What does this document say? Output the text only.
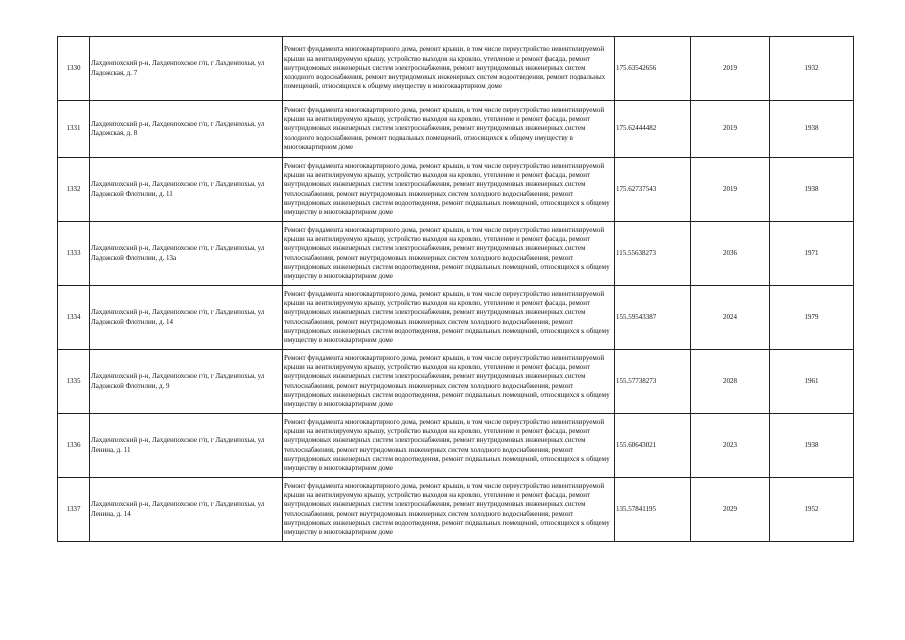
1330	Лахденпохский р-н, Лахденпохское г/п, г Лахденпохья, ул Ладожская, д. 7	Ремонт фундамента многоквартирного дома, ремонт крыши, в том числе переустройство невентилируемой крыши на вентилируемую крышу, устройство выходов на кровлю, утепление и ремонт фасада, ремонт внутридомовых инженерных систем электроснабжения, ремонт внутридомовых инженерных систем холодного водоснабжения, ремонт внутридомовых инженерных систем водоотведения, ремонт подвальных помещений, относящихся к общему имуществу в многоквартирном доме	175.63542656	2019	1932
1331	Лахденпохский р-н, Лахденпохское г/п, г Лахденпохья, ул Ладожская, д. 8	Ремонт фундамента многоквартирного дома, ремонт крыши, в том числе переустройство невентилируемой крыши на вентилируемую крышу, устройство выходов на кровлю, утепление и ремонт фасада, ремонт внутридомовых инженерных систем электроснабжения, ремонт внутридомовых инженерных систем холодного водоснабжения, ремонт подвальных помещений, относящихся к общему имуществу в многоквартирном доме	175.62444482	2019	1938
1332	Лахденпохский р-н, Лахденпохское г/п, г Лахденпохья, ул Ладожской Флотилии, д. 11	Ремонт фундамента многоквартирного дома, ремонт крыши, в том числе переустройство невентилируемой крыши на вентилируемую крышу, устройство выходов на кровлю, утепление и ремонт фасада, ремонт внутридомовых инженерных систем электроснабжения, ремонт внутридомовых инженерных систем теплоснабжения, ремонт внутридомовых инженерных систем холодного водоснабжения, ремонт внутридомовых инженерных систем водоотведения, ремонт подвальных помещений, относящихся к общему имуществу в многоквартирном доме	175.62737543	2019	1938
1333	Лахденпохский р-н, Лахденпохское г/п, г Лахденпохья, ул Ладожской Флотилии, д. 13а	Ремонт фундамента многоквартирного дома, ремонт крыши, в том числе переустройство невентилируемой крыши на вентилируемую крышу, устройство выходов на кровлю, утепление и ремонт фасада, ремонт внутридомовых инженерных систем электроснабжения, ремонт внутридомовых инженерных систем теплоснабжения, ремонт внутридомовых инженерных систем холодного водоснабжения, ремонт внутридомовых инженерных систем водоотведения, ремонт подвальных помещений, относящихся к общему имуществу в многоквартирном доме	115.55638273	2036	1971
1334	Лахденпохский р-н, Лахденпохское г/п, г Лахденпохья, ул Ладожской Флотилии, д. 14	Ремонт фундамента многоквартирного дома, ремонт крыши, в том числе переустройство невентилируемой крыши на вентилируемую крышу, устройство выходов на кровлю, утепление и ремонт фасада, ремонт внутридомовых инженерных систем электроснабжения, ремонт внутридомовых инженерных систем теплоснабжения, ремонт внутридомовых инженерных систем холодного водоснабжения, ремонт внутридомовых инженерных систем водоотведения, ремонт подвальных помещений, относящихся к общему имуществу в многоквартирном доме	155.59543387	2024	1979
1335	Лахденпохский р-н, Лахденпохское г/п, г Лахденпохья, ул Ладожской Флотилии, д. 9	Ремонт фундамента многоквартирного дома, ремонт крыши, в том числе переустройство невентилируемой крыши на вентилируемую крышу, устройство выходов на кровлю, утепление и ремонт фасада, ремонт внутридомовых инженерных систем электроснабжения, ремонт внутридомовых инженерных систем теплоснабжения, ремонт внутридомовых инженерных систем холодного водоснабжения, ремонт внутридомовых инженерных систем водоотведения, ремонт подвальных помещений, относящихся к общему имуществу в многоквартирном доме	155.57738273	2028	1961
1336	Лахденпохский р-н, Лахденпохское г/п, г Лахденпохья, ул Ленина, д. 11	Ремонт фундамента многоквартирного дома, ремонт крыши, в том числе переустройство невентилируемой крыши на вентилируемую крышу, устройство выходов на кровлю, утепление и ремонт фасада, ремонт внутридомовых инженерных систем электроснабжения, ремонт внутридомовых инженерных систем теплоснабжения, ремонт внутридомовых инженерных систем холодного водоснабжения, ремонт внутридомовых инженерных систем водоотведения, ремонт подвальных помещений, относящихся к общему имуществу в многоквартирном доме	155.60643021	2023	1938
1337	Лахденпохский р-н, Лахденпохское г/п, г Лахденпохья, ул Ленина, д. 14	Ремонт фундамента многоквартирного дома, ремонт крыши, в том числе переустройство невентилируемой крыши на вентилируемую крышу, устройство выходов на кровлю, утепление и ремонт фасада, ремонт внутридомовых инженерных систем электроснабжения, ремонт внутридомовых инженерных систем теплоснабжения, ремонт внутридомовых инженерных систем холодного водоснабжения, ремонт внутридомовых инженерных систем водоотведения, ремонт подвальных помещений, относящихся к общему имуществу в многоквартирном доме	135.57841195	2029	1952
